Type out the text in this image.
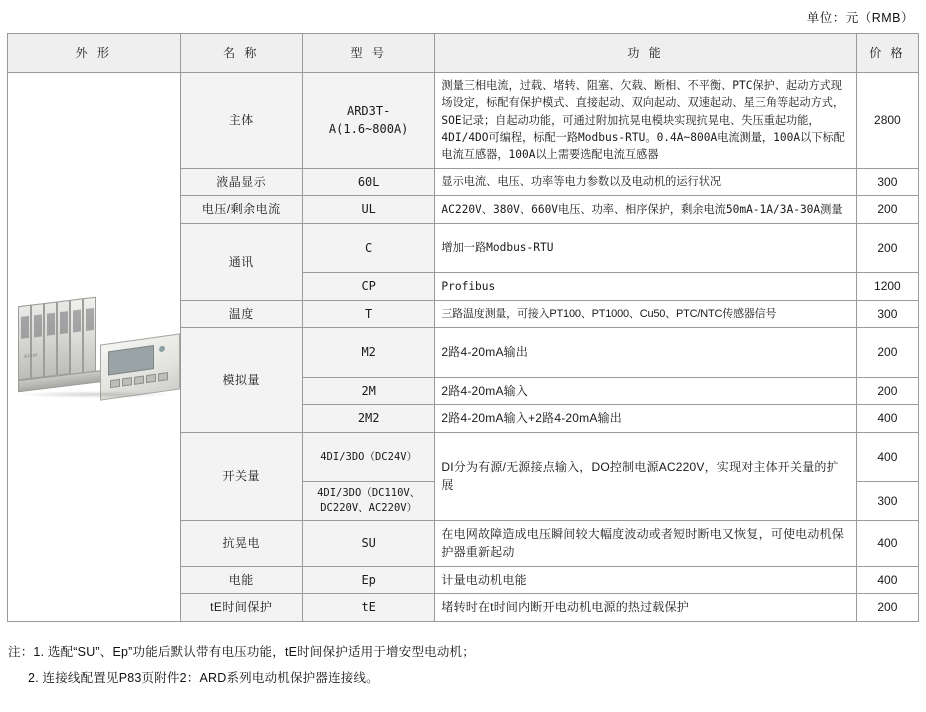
单位：元（RMB）
外 形	名 称	型 号	功 能	价 格

Acrel	主体	ARD3T-A(1.6~800A)	测量三相电流，过载、堵转、阻塞、欠载、断相、不平衡、PTC保护、起动方式现场设定，标配有保护模式、直接起动、双向起动、双速起动、星三角等起动方式，SOE记录；自起动功能，可通过附加抗晃电模块实现抗晃电、失压重起功能，4DI/4DO可编程，标配一路Modbus-RTU。0.4A~800A电流测量，100A以下标配电流互感器，100A以上需要选配电流互感器	2800
	液晶显示	60L	显示电流、电压、功率等电力参数以及电动机的运行状况	300
	电压/剩余电流	UL	AC220V、380V、660V电压、功率、相序保护，剩余电流50mA-1A/3A-30A测量	200
	通讯	C	增加一路Modbus-RTU	200
		CP	Profibus	1200
	温度	T	三路温度测量，可接入PT100、PT1000、Cu50、PTC/NTC传感器信号	300
	模拟量	M2	2路4-20mA输出	200
		2M	2路4-20mA输入	200
		2M2	2路4-20mA输入+2路4-20mA输出	400
	开关量	4DI/3DO（DC24V）	DI分为有源/无源接点输入，DO控制电源AC220V，实现对主体开关量的扩展	400
		4DI/3DO（DC110V、DC220V、AC220V）		300
	抗晃电	SU	在电网故障造成电压瞬间较大幅度波动或者短时断电又恢复，可使电动机保护器重新起动	400
	电能	Ep	计量电动机电能	400
	tE时间保护	tE	堵转时在t时间内断开电动机电源的热过载保护	200
注：1. 选配“SU”、Ep”功能后默认带有电压功能，tE时间保护适用于增安型电动机；
2. 连接线配置见P83页附件2：ARD系列电动机保护器连接线。
